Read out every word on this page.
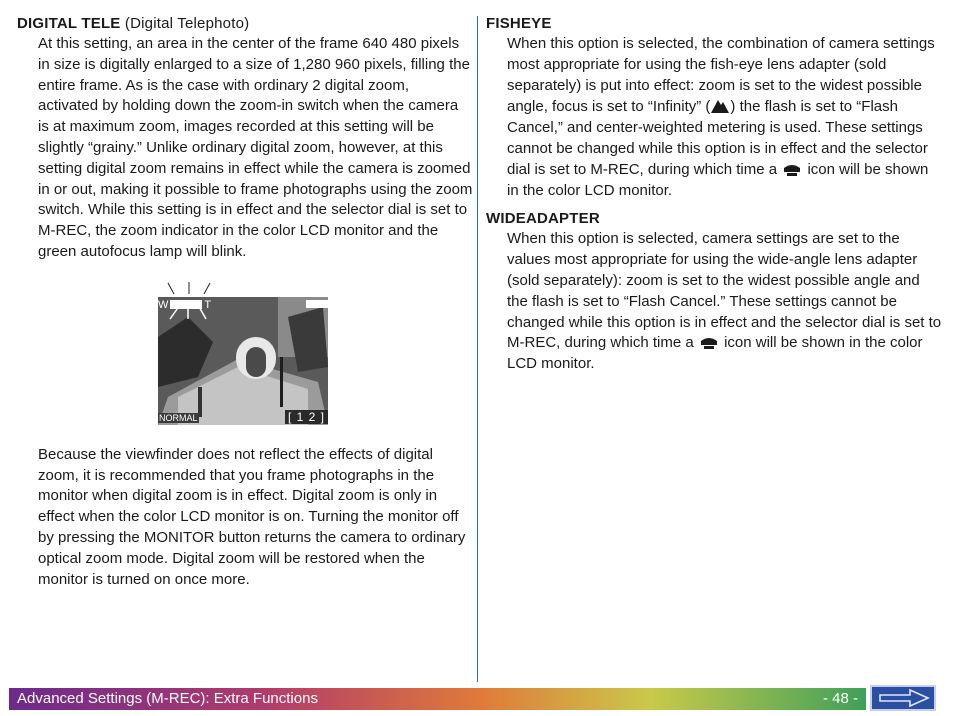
DIGITAL TELE (Digital Telephoto)

At this setting, an area in the center of the frame 640 480 pixels in size is digitally enlarged to a size of 1,280 960 pixels, filling the entire frame. As is the case with ordinary 2 digital zoom, activated by holding down the zoom-in switch when the camera is at maximum zoom, images recorded at this setting will be slightly “grainy.” Unlike ordinary digital zoom, however, at this setting digital zoom remains in effect while the camera is zoomed in or out, making it possible to frame photographs using the zoom switch. While this setting is in effect and the selector dial is set to M-REC, the zoom indicator in the color LCD monitor and the green autofocus lamp will blink.

W	T
NORMAL	[ 1 2 ]

Because the viewfinder does not reflect the effects of digital zoom, it is recommended that you frame photographs in the monitor when digital zoom is in effect. Digital zoom is only in effect when the color LCD monitor is on. Turning the monitor off by pressing the MONITOR button returns the camera to ordinary optical zoom mode. Digital zoom will be restored when the monitor is turned on once more.

FISHEYE

When this option is selected, the combination of camera settings most appropriate for using the fish-eye lens adapter (sold separately) is put into effect: zoom is set to the widest possible angle, focus is set to “Infinity” ( ) the flash is set to “Flash Cancel,” and center-weighted metering is used. These settings cannot be changed while this option is in effect and the selector dial is set to M-REC, during which time a icon will be shown in the color LCD monitor.

WIDEADAPTER

When this option is selected, camera settings are set to the values most appropriate for using the wide-angle lens adapter (sold separately): zoom is set to the widest possible angle and the flash is set to “Flash Cancel.” These settings cannot be changed while this option is in effect and the selector dial is set to M-REC, during which time a icon will be shown in the color LCD monitor.

Advanced Settings (M-REC): Extra Functions	- 48 -
